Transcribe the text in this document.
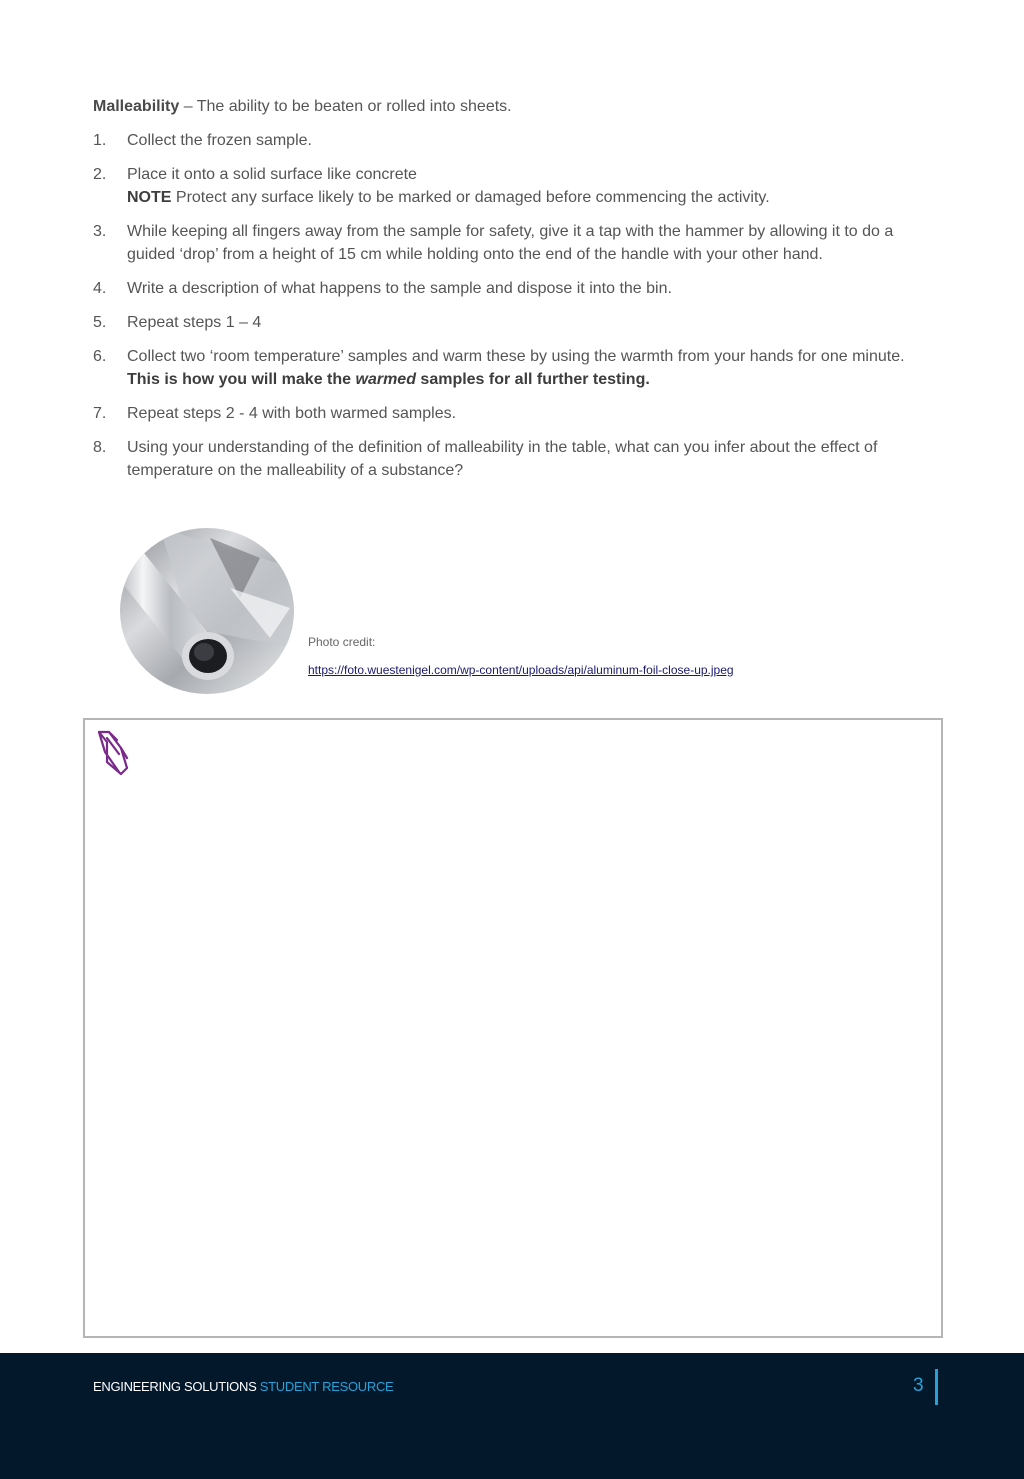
Malleability – The ability to be beaten or rolled into sheets.

1. Collect the frozen sample.
2. Place it onto a solid surface like concrete
NOTE Protect any surface likely to be marked or damaged before commencing the activity.
3. While keeping all fingers away from the sample for safety, give it a tap with the hammer by allowing it to do a guided ‘drop’ from a height of 15 cm while holding onto the end of the handle with your other hand.
4. Write a description of what happens to the sample and dispose it into the bin.
5. Repeat steps 1 – 4
6. Collect two ‘room temperature’ samples and warm these by using the warmth from your hands for one minute. This is how you will make the warmed samples for all further testing.
7. Repeat steps 2 - 4 with both warmed samples.
8. Using your understanding of the definition of malleability in the table, what can you infer about the effect of temperature on the malleability of a substance?
Photo credit:
https://foto.wuestenigel.com/wp-content/uploads/api/aluminum-foil-close-up.jpeg
ENGINEERING SOLUTIONS STUDENT RESOURCE	3
